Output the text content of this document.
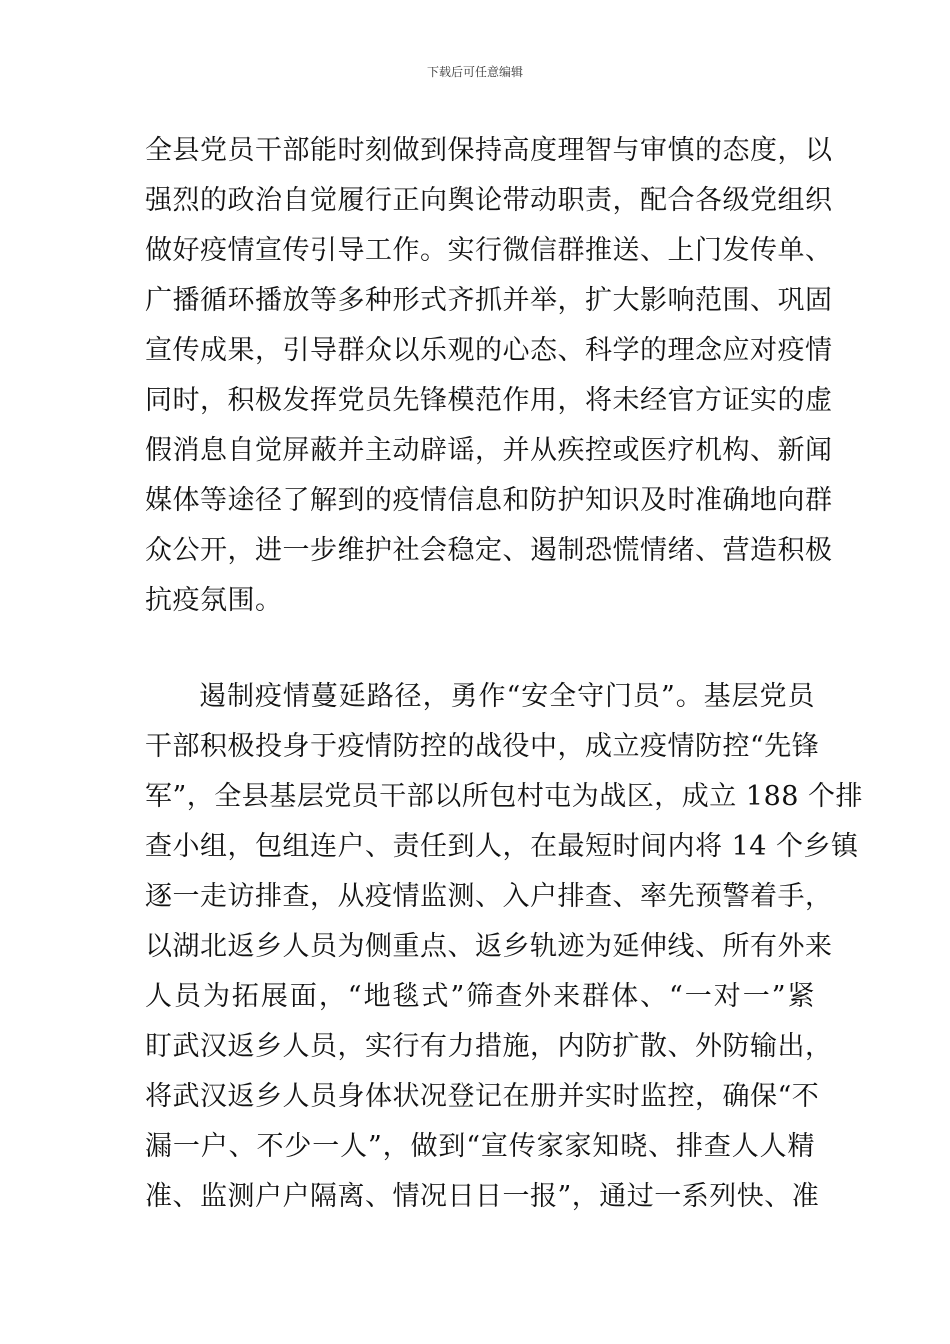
下载后可任意编辑
全县党员干部能时刻做到保持高度理智与审慎的态度，以
强烈的政治自觉履行正向舆论带动职责，配合各级党组织
做好疫情宣传引导工作。实行微信群推送、上门发传单、
广播循环播放等多种形式齐抓并举，扩大影响范围、巩固
宣传成果，引导群众以乐观的心态、科学的理念应对疫情
同时，积极发挥党员先锋模范作用，将未经官方证实的虚
假消息自觉屏蔽并主动辟谣，并从疾控或医疗机构、新闻
媒体等途径了解到的疫情信息和防护知识及时准确地向群
众公开，进一步维护社会稳定、遏制恐慌情绪、营造积极
抗疫氛围。
遏制疫情蔓延路径，勇作“安全守门员”。基层党员
干部积极投身于疫情防控的战役中，成立疫情防控“先锋
军”，全县基层党员干部以所包村屯为战区，成立 188 个排
查小组，包组连户、责任到人，在最短时间内将 14 个乡镇
逐一走访排查，从疫情监测、入户排查、率先预警着手，
以湖北返乡人员为侧重点、返乡轨迹为延伸线、所有外来
人员为拓展面，“地毯式”筛查外来群体、“一对一”紧
盯武汉返乡人员，实行有力措施，内防扩散、外防输出，
将武汉返乡人员身体状况登记在册并实时监控，确保“不
漏一户、不少一人”，做到“宣传家家知晓、排查人人精
准、监测户户隔离、情况日日一报”，通过一系列快、准
